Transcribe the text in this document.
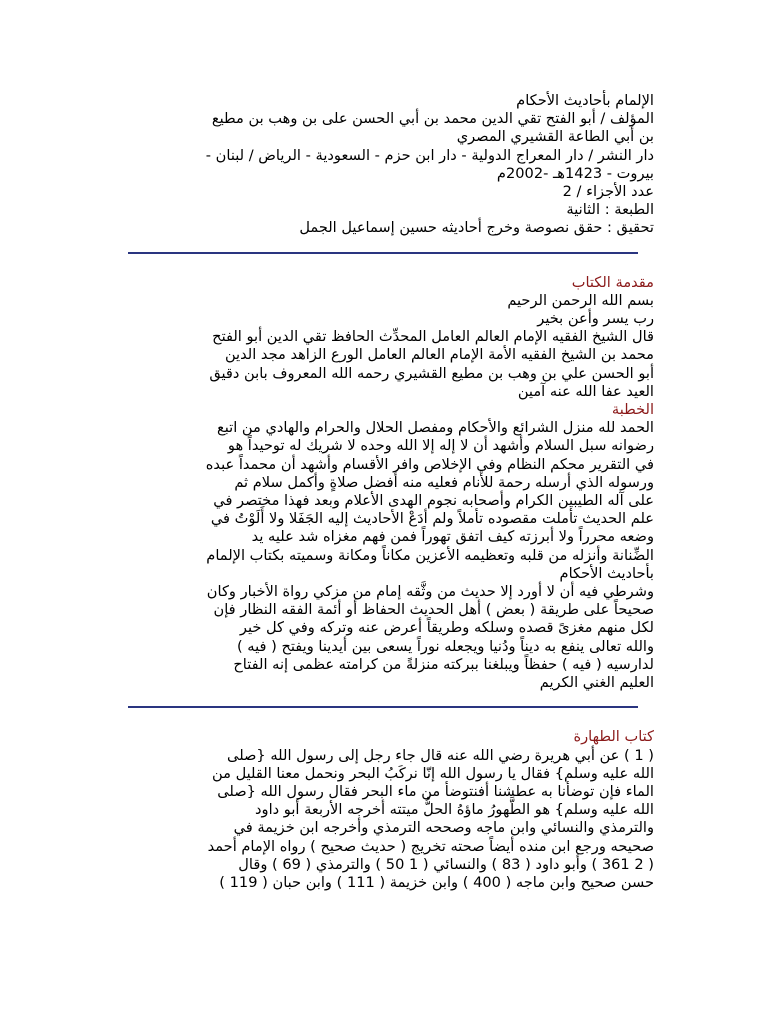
الإلمام بأحاديث الأحكام
المؤلف / أبو الفتح تقي الدين محمد بن أبي الحسن على بن وهب بن مطيع
بن أبي الطاعة القشيري المصري
دار النشر / دار المعراج الدولية - دار ابن حزم - السعودية - الرياض / لبنان -
بيروت - 1423هـ -2002م
عدد الأجزاء / 2
الطبعة : الثانية
تحقيق : حقق نصوصة وخرج أحاديثه حسين إسماعيل الجمل
مقدمة الكتاب
بسم الله الرحمن الرحيم
رب يسر وأعن بخير
قال الشيخ الفقيه الإمام العالم العامل المحدِّث الحافظ تقي الدين أبو الفتح
محمد بن الشيخ الفقيه الأمة الإمام العالم العامل الورع الزاهد مجد الدين
أبو الحسن علي بن وهب بن مطيع القشيري رحمه الله المعروف بابن دقيق
العيد عفا الله عنه آمين
الخطبة
الحمد لله منزل الشرائع والأحكام ومفصل الحلال والحرام والهادي من اتبع
رضوانه سبل السلام وأشهد أن لا إله إلا الله وحده لا شريك له توحيداً هو
في التقرير محكم النظام وفي الإخلاص وافر الأقسام وأشهد أن محمداً عبده
ورسوله الذي أرسله رحمة للأنام فعليه منه أفضل صلاةٍ وأكمل سلام ثم
على آله الطيبين الكرام وأصحابه نجوم الهدى الأعلام وبعد فهذا مختصر في
علم الحديث تأملت مقصوده تأملاً ولم أدَعْ الأحاديث إليه الجَفَلا ولا أَلَوْتُ في
وضعه محرراً ولا أبرزته كيف اتفق تهوراً فمن فهم مغزاه شد عليه يد
الضِّنانة وأنزله من قلبه وتعظيمه الأعزين مكاناً ومكانة وسميته بكتاب الإلمام
بأحاديث الأحكام
وشرطي فيه أن لا أورد إلا حديث من وثَّقه إمام من مزكي رواة الأخبار وكان
صحيحاً على طريقة ( بعض ) أهل الحديث الحفاظ أو أئمة الفقه النظار فإن
لكل منهم مغزىً قصده وسلكه وطريقاً أعرض عنه وتركه وفي كل خير
والله تعالى ينفع به ديناً ودُنيا ويجعله نوراً يسعى بين أيدينا ويفتح ( فيه )
لدارسيه ( فيه ) حفظاً ويبلغنا ببركته منزلةً من كرامته عظمى إنه الفتاح
العليم الغني الكريم
كتاب الطهارة
( 1 ) عن أبي هريرة رضي الله عنه قال جاء رجل إلى رسول الله {صلى
الله عليه وسلم} فقال يا رسول الله إنّا نركَبُ البحر ونحمل معنا القليل من
الماء فإن توضأنا به عطشنا أفنتوضأ من ماء البحر فقال رسول الله {صلى
الله عليه وسلم} هو الطَّهورُ ماؤهُ الحلُّ ميتته أخرجه الأربعة أبو داود
والترمذي والنسائي وابن ماجه وصححه الترمذي وأخرجه ابن خزيمة في
صحيحه ورجع ابن منده أيضاً صحته تخريج ( حديث صحيح ) رواه الإمام أحمد
( 2 361 ) وأبو داود ( 83 ) والنسائي ( 1 50 ) والترمذي ( 69 ) وقال
حسن صحيح وابن ماجه ( 400 ) وابن خزيمة ( 111 ) وابن حبان ( 119 )
